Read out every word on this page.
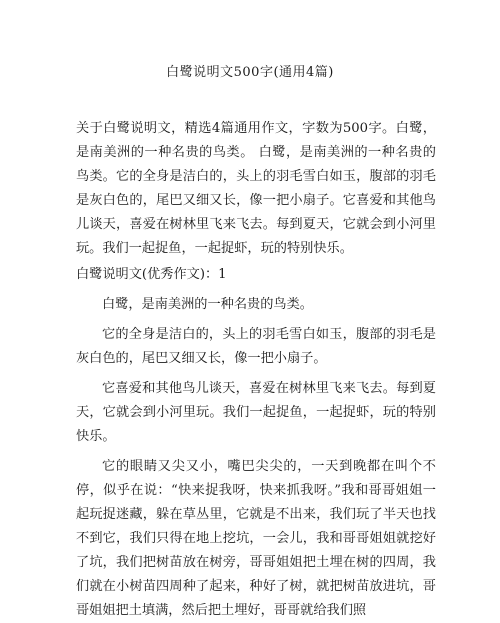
白鹭说明文500字(通用4篇)

关于白鹭说明文，精选4篇通用作文，字数为500字。白鹭，是南美洲的一种名贵的鸟类。 白鹭，是南美洲的一种名贵的鸟类。它的全身是洁白的，头上的羽毛雪白如玉，腹部的羽毛是灰白色的，尾巴又细又长，像一把小扇子。它喜爱和其他鸟儿谈天，喜爱在树林里飞来飞去。每到夏天，它就会到小河里玩。我们一起捉鱼，一起捉虾，玩的特别快乐。

白鹭说明文(优秀作文)：1

白鹭，是南美洲的一种名贵的鸟类。

它的全身是洁白的，头上的羽毛雪白如玉，腹部的羽毛是灰白色的，尾巴又细又长，像一把小扇子。

它喜爱和其他鸟儿谈天，喜爱在树林里飞来飞去。每到夏天，它就会到小河里玩。我们一起捉鱼，一起捉虾，玩的特别快乐。

它的眼睛又尖又小，嘴巴尖尖的，一天到晚都在叫个不停，似乎在说：“快来捉我呀，快来抓我呀。”我和哥哥姐姐一起玩捉迷藏，躲在草丛里，它就是不出来，我们玩了半天也找不到它，我们只得在地上挖坑，一会儿，我和哥哥姐姐就挖好了坑，我们把树苗放在树旁，哥哥姐姐把土埋在树的四周，我们就在小树苗四周种了起来，种好了树，就把树苗放进坑，哥哥姐姐把土填满，然后把土埋好，哥哥就给我们照
